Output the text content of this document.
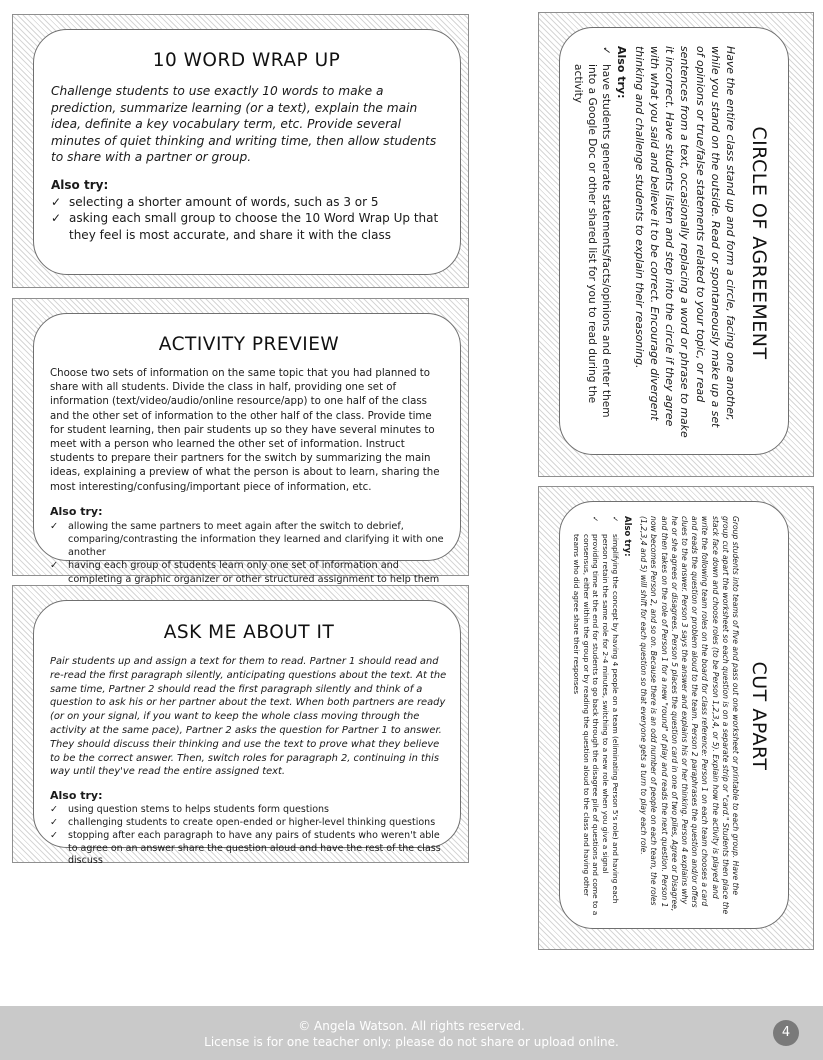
10 WORD WRAP UP

Challenge students to use exactly 10 words to make a prediction, summarize learning (or a text), explain the main idea, definite a key vocabulary term, etc. Provide several minutes of quiet thinking and writing time, then allow students to share with a partner or group.

Also try:
✓ selecting a shorter amount of words, such as 3 or 5
✓ asking each small group to choose the 10 Word Wrap Up that they feel is most accurate, and share it with the class
ACTIVITY PREVIEW

Choose two sets of information on the same topic that you had planned to share with all students. Divide the class in half, providing one set of information (text/video/audio/online resource/app) to one half of the class and the other set of information to the other half of the class. Provide time for student learning, then pair students up so they have several minutes to meet with a person who learned the other set of information. Instruct students to prepare their partners for the switch by summarizing the main ideas, explaining a preview of what the person is about to learn, sharing the most interesting/confusing/important piece of information, etc.

Also try:
✓ allowing the same partners to meet again after the switch to debrief, comparing/contrasting the information they learned and clarifying it with one another
✓ having each group of students learn only one set of information and completing a graphic organizer or other structured assignment to help them
ASK ME ABOUT IT

Pair students up and assign a text for them to read. Partner 1 should read and re-read the first paragraph silently, anticipating questions about the text. At the same time, Partner 2 should read the first paragraph silently and think of a question to ask his or her partner about the text. When both partners are ready (or on your signal, if you want to keep the whole class moving through the activity at the same pace), Partner 2 asks the question for Partner 1 to answer. They should discuss their thinking and use the text to prove what they believe to be the correct answer. Then, switch roles for paragraph 2, continuing in this way until they've read the entire assigned text.

Also try:
✓ using question stems to helps students form questions
✓ challenging students to create open-ended or higher-level thinking questions
✓ stopping after each paragraph to have any pairs of students who weren't able to agree on an answer share the question aloud and have the rest of the class discuss
CIRCLE OF AGREEMENT

Have the entire class stand up and form a circle, facing one another, while you stand on the outside. Read or spontaneously make up a set of opinions or true/false statements related to your topic, or read sentences from a text, occasionally replacing a word or phrase to make it incorrect. Have students listen and step into the circle if they agree with what you said and believe it to be correct. Encourage divergent thinking and challenge students to explain their reasoning.

Also try:
✓ have students generate statements/facts/opinions and enter them into a Google Doc or other shared list for you to read during the activity
CUT APART

Group students into teams of five and pass out one worksheet or printable to each group. Have the group cut apart the worksheet so each question is on a separate strip or "card." Students then place the stack face down and choose roles (to be Person 1,2,3,4, or 5). Explain how the activity is played and write the following team roles on the board for class reference: Person 1 on each team chooses a card and reads the question or problem aloud to the team. Person 2 paraphrases the question and/or offers clues to the answer. Person 3 says the answer and explains his or her thinking. Person 4 explains why he or she agrees or disagrees. Person 5 places the question card in one of two piles, Agree or Disagree, and then takes on the role of Person 1 for a new "round" of play and reads the next question. Person 1 now becomes Person 2, and so on. Because there is an odd number of people on each team, the roles (1,2,3,4 and 5) will shift for each question so that everyone gets a turn to play each role.

Also try:
✓ simplifying the concept by having 4 people on a team (eliminating Person 5's role) and having each person retain the same role for 2-4 minutes, switching to a new role when you give a signal
✓ providing time at the end for students to go back through the disagree pile of questions and come to a consensus, either within the group or by reading the question aloud to the class and having other teams who did agree share their responses
© Angela Watson. All rights reserved.
License is for one teacher only: please do not share or upload online.
4
